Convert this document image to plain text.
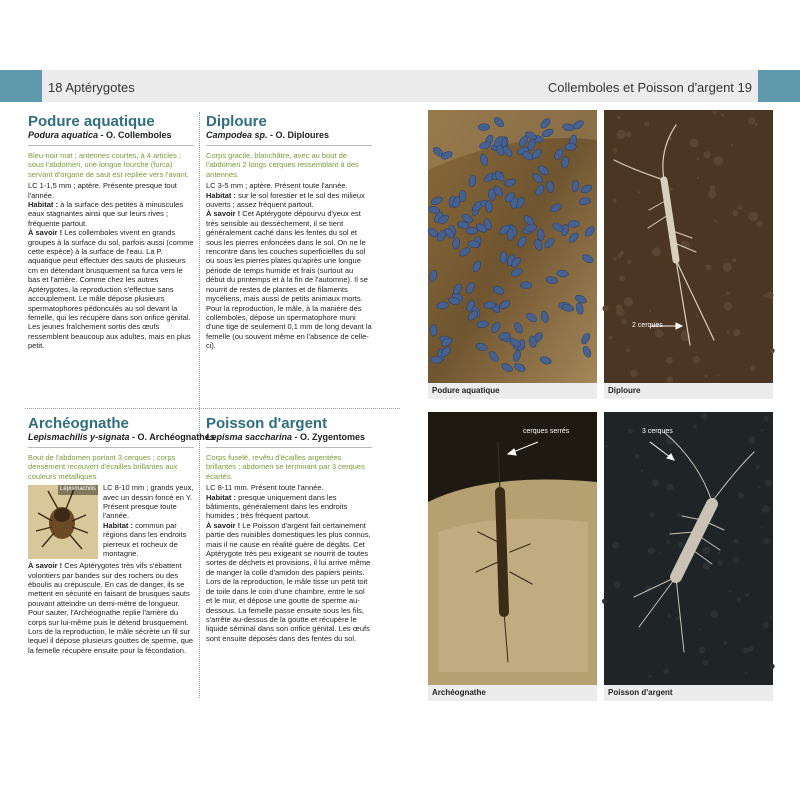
18 Aptérygotes	Collemboles et Poisson d'argent 19
Podure aquatique
Podura aquatica - O. Collemboles
Bleu-noir mat ; antennes courtes, à 4 articles ; sous l'abdomen, une longue fourche (furca) servant d'organe de saut est repliée vers l'avant.

LC 1-1,5 mm ; aptère. Présente presque tout l'année.

Habitat : à la surface des petites à minuscules eaux stagnantes ainsi que sur leurs rives ; fréquente partout.

À savoir ! Les collemboles vivent en grands groupes à la surface du sol, parfois aussi (comme cette espèce) à la surface de l'eau. La P. aquatique peut effectuer des sauts de plusieurs cm en détendant brusquement sa furca vers le bas et l'arrière. Comme chez les autres Aptérygotes, la reproduction s'effectue sans accouplement. Le mâle dépose plusieurs spermatophores pédonculés au sol devant la femelle, qui les récupère dans son orifice génital. Les jeunes fraîchement sortis des œufs ressemblent beaucoup aux adultes, mais en plus petit.

Diploure
Campodea sp. - O. Diploures
Corps gracile, blanchâtre, avec au bout de l'abdomen 2 longs cerques ressemblant à des antennes.

LC 3-5 mm ; aptère. Présent toute l'année.

Habitat : sur le sol forestier et le sol des milieux ouverts ; assez fréquent partout.

À savoir ! Cet Aptérygote dépourvu d'yeux est très sensible au dessèchement, il se tient généralement caché dans les fentes du sol et sous les pierres enfoncées dans le sol. On ne le rencontre dans les couches superficielles du sol ou sous les pierres plates qu'après une longue période de temps humide et frais (surtout au début du printemps et à la fin de l'automne). Il se nourrit de restes de plantes et de filaments mycéliens, mais aussi de petits animaux morts. Pour la reproduction, le mâle, à la manière des collemboles, dépose un spermatophore muni d'une tige de seulement 0,1 mm de long devant la femelle (ou souvent même en l'absence de celle-ci).

Archéognathe
Lepismachilis y-signata - O. Archéognathes
Bout de l'abdomen portant 3 cerques ; corps densément recouvert d'écailles brillantes aux couleurs métalliques.
Lépismachilis LC 8-10 mm ; grands yeux, avec un dessin foncé en Y. Présent presque toute l'année.

Habitat : commun par régions dans les endroits pierreux et rocheux de montagne.

À savoir ! Ces Aptérygotes très vifs s'ébattent volontiers par bandes sur des rochers ou des éboulis au crépuscule. En cas de danger, ils se mettent en sécurité en faisant de brusques sauts pouvant atteindre un demi-mètre de longueur. Pour sauter, l'Archéognathe replie l'arrière du corps sur lui-même puis le détend brusquement. Lors de la reproduction, le mâle sécrète un fil sur lequel il dépose plusieurs gouttes de sperme, que la femelle récupère ensuite pour la fécondation.

Poisson d'argent
Lepisma saccharina - O. Zygentomes
Corps fuselé, revêtu d'écailles argentées brillantes ; abdomen se terminant par 3 cerques écartés.

LC 8-11 mm. Présent toute l'année.

Habitat : presque uniquement dans les bâtiments, généralement dans les endroits humides ; très fréquent partout.

À savoir ! Le Poisson d'argent fait certainement partie des nuisibles domestiques les plus connus, mais il ne cause en réalité guère de dégâts. Cet Aptérygote très peu exigeant se nourrit de toutes sortes de déchets et provisions, il lui arrive même de manger la colle d'amidon des papiers peints. Lors de la reproduction, le mâle tisse un petit toit de toile dans le coin d'une chambre, entre le sol et le mur, et dépose une goutte de sperme au-dessous. La femelle passe ensuite sous les fils, s'arrête au-dessus de la goutte et récupère le liquide séminal dans son orifice génital. Les œufs sont ensuite déposés dans des fentes du sol.

Podure aquatique
2 cerques
Diploure
cerques serrés
Archéognathe
3 cerques
Poisson d'argent
